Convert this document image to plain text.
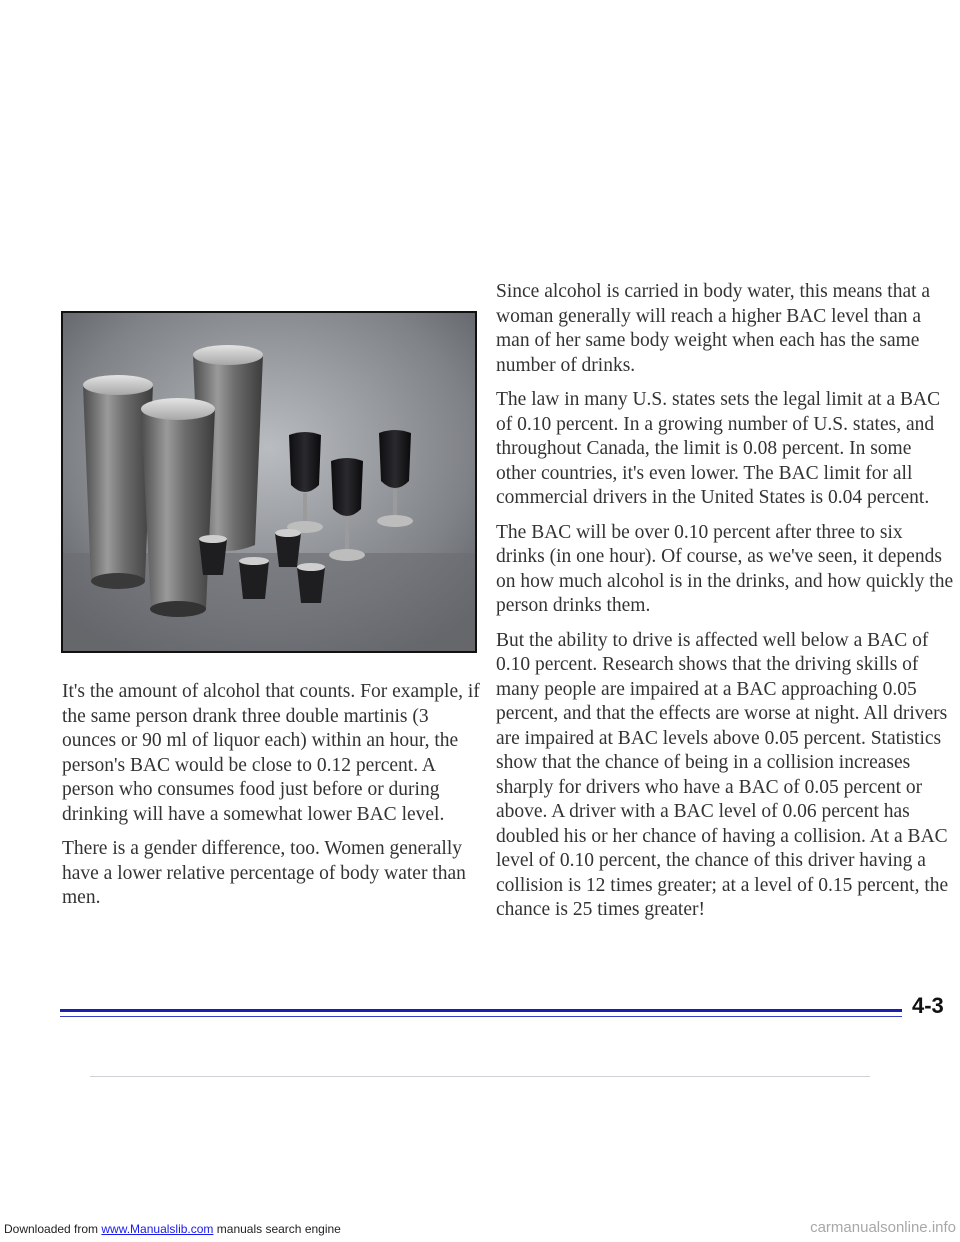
It's the amount of alcohol that counts. For example, if the same person drank three double martinis (3 ounces or 90 ml of liquor each) within an hour, the person's BAC would be close to 0.12 percent. A person who consumes food just before or during drinking will have a somewhat lower BAC level.

There is a gender difference, too. Women generally have a lower relative percentage of body water than men.

Since alcohol is carried in body water, this means that a woman generally will reach a higher BAC level than a man of her same body weight when each has the same number of drinks.

The law in many U.S. states sets the legal limit at a BAC of 0.10 percent. In a growing number of U.S. states, and throughout Canada, the limit is 0.08 percent. In some other countries, it's even lower. The BAC limit for all commercial drivers in the United States is 0.04 percent.

The BAC will be over 0.10 percent after three to six drinks (in one hour). Of course, as we've seen, it depends on how much alcohol is in the drinks, and how quickly the person drinks them.

But the ability to drive is affected well below a BAC of 0.10 percent. Research shows that the driving skills of many people are impaired at a BAC approaching 0.05 percent, and that the effects are worse at night. All drivers are impaired at BAC levels above 0.05 percent. Statistics show that the chance of being in a collision increases sharply for drivers who have a BAC of 0.05 percent or above. A driver with a BAC level of 0.06 percent has doubled his or her chance of having a collision. At a BAC level of 0.10 percent, the chance of this driver having a collision is 12 times greater; at a level of 0.15 percent, the chance is 25 times greater!

4-3
Downloaded from www.Manualslib.com manuals search engine	carmanualsonline.info
